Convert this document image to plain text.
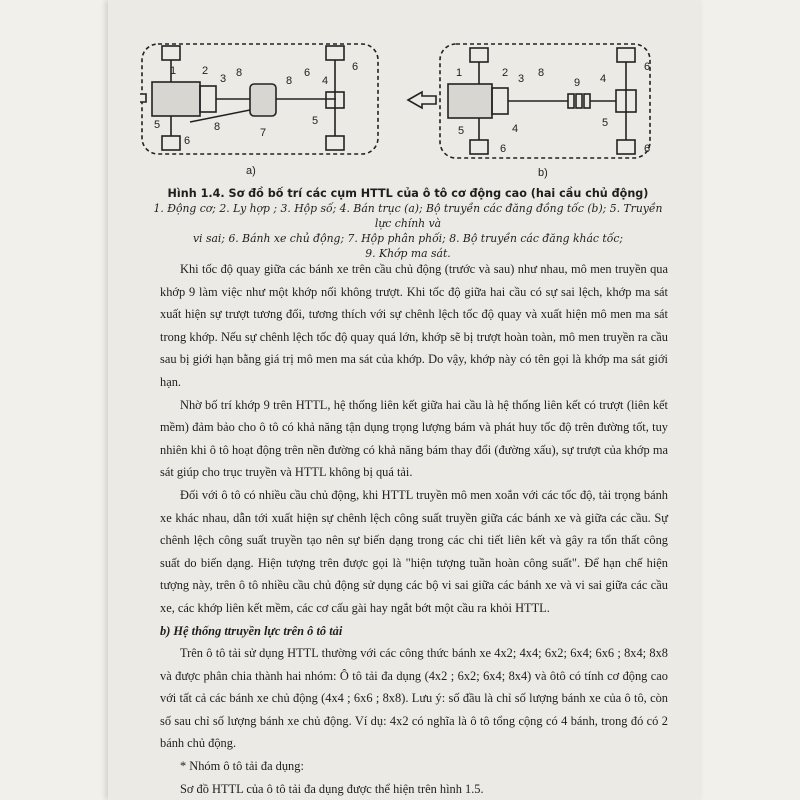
1 2
3 8
8
6
4
5	5
8
6
6
7
a)
1	2 3 8
9 4
6
5
5
4
6	6
b)
Hình 1.4. Sơ đồ bố trí các cụm HTTL của ô tô cơ động cao (hai cầu chủ động)
1. Động cơ; 2. Ly hợp ; 3. Hộp số; 4. Bán trục (a); Bộ truyền các đăng đồng tốc (b); 5. Truyền lực chính và
vi sai; 6. Bánh xe chủ động; 7. Hộp phân phối; 8. Bộ truyền các đăng khác tốc;
9. Khớp ma sát.

Khi tốc độ quay giữa các bánh xe trên cầu chủ động (trước và sau) như nhau, mô men truyền qua khớp 9 làm việc như một khớp nối không trượt. Khi tốc độ giữa hai cầu có sự sai lệch, khớp ma sát xuất hiện sự trượt tương đối, tương thích với sự chênh lệch tốc độ quay và xuất hiện mô men ma sát trong khớp. Nếu sự chênh lệch tốc độ quay quá lớn, khớp sẽ bị trượt hoàn toàn, mô men truyền ra cầu sau bị giới hạn bằng giá trị mô men ma sát của khớp. Do vậy, khớp này có tên gọi là khớp ma sát giới hạn.

Nhờ bố trí khớp 9 trên HTTL, hệ thống liên kết giữa hai cầu là hệ thống liên kết có trượt (liên kết mềm) đảm bảo cho ô tô có khả năng tận dụng trọng lượng bám và phát huy tốc độ trên đường tốt, tuy nhiên khi ô tô hoạt động trên nền đường có khả năng bám thay đổi (đường xấu), sự trượt của khớp ma sát giúp cho trục truyền và HTTL không bị quá tải.

Đối với ô tô có nhiều cầu chủ động, khi HTTL truyền mô men xoắn với các tốc độ, tải trọng bánh xe khác nhau, dẫn tới xuất hiện sự chênh lệch công suất truyền giữa các bánh xe và giữa các cầu. Sự chênh lệch công suất truyền tạo nên sự biến dạng trong các chi tiết liên kết và gây ra tổn thất công suất do biến dạng. Hiện tượng trên được gọi là "hiện tượng tuần hoàn công suất". Để hạn chế hiện tượng này, trên ô tô nhiều cầu chủ động sử dụng các bộ vi sai giữa các bánh xe và vi sai giữa các cầu xe, các khớp liên kết mềm, các cơ cấu gài hay ngắt bớt một cầu ra khỏi HTTL.

b) Hệ thống ttruyền lực trên ô tô tải

Trên ô tô tải sử dụng HTTL thường với các công thức bánh xe 4x2; 4x4; 6x2; 6x4; 6x6 ; 8x4; 8x8 và được phân chia thành hai nhóm: Ô tô tải đa dụng (4x2 ; 6x2; 6x4; 8x4) và ôtô có tính cơ động cao với tất cả các bánh xe chủ động (4x4 ; 6x6 ; 8x8). Lưu ý: số đầu là chỉ số lượng bánh xe của ô tô, còn số sau chỉ số lượng bánh xe chủ động. Ví dụ: 4x2 có nghĩa là ô tô tổng cộng có 4 bánh, trong đó có 2 bánh chủ động.

* Nhóm ô tô tải đa dụng:

Sơ đồ HTTL của ô tô tải đa dụng được thể hiện trên hình 1.5.
